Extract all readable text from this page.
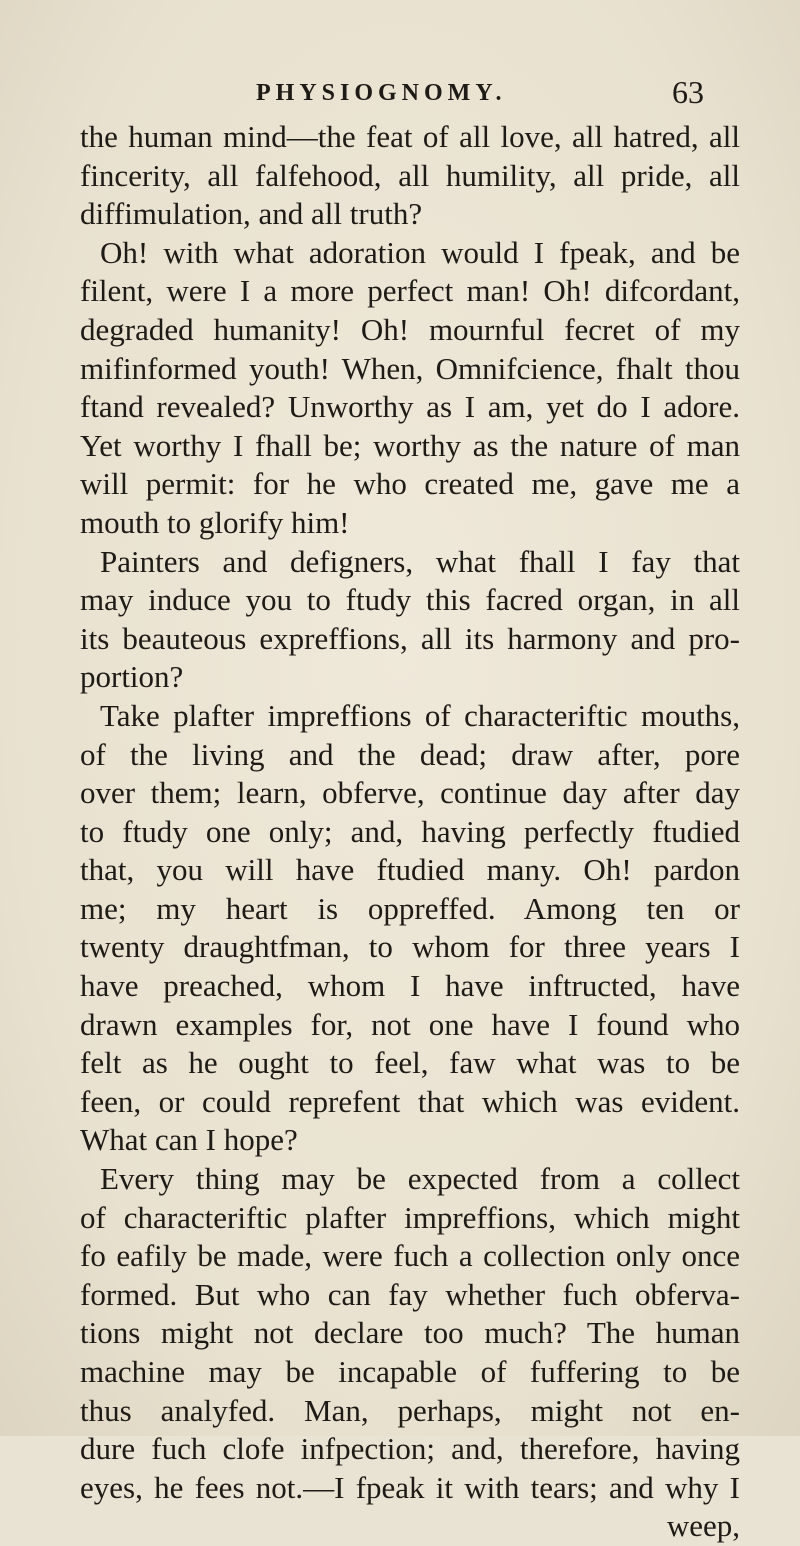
PHYSIOGNOMY.	63
the human mind—the feat of all love, all hatred, all
fincerity, all falfehood, all humility, all pride, all
diffimulation, and all truth?
Oh! with what adoration would I fpeak, and be
filent, were I a more perfect man! Oh! difcordant,
degraded humanity! Oh! mournful fecret of my
mifinformed youth! When, Omnifcience, fhalt thou
ftand revealed? Unworthy as I am, yet do I adore.
Yet worthy I fhall be; worthy as the nature of man
will permit: for he who created me, gave me a
mouth to glorify him!
Painters and defigners, what fhall I fay that
may induce you to ftudy this facred organ, in all
its beauteous expreffions, all its harmony and pro-
portion?
Take plafter impreffions of characteriftic mouths,
of the living and the dead; draw after, pore
over them; learn, obferve, continue day after day
to ftudy one only; and, having perfectly ftudied
that, you will have ftudied many. Oh! pardon
me; my heart is oppreffed. Among ten or
twenty draughtfman, to whom for three years I
have preached, whom I have inftructed, have
drawn examples for, not one have I found who
felt as he ought to feel, faw what was to be
feen, or could reprefent that which was evident.
What can I hope?
Every thing may be expected from a collect
of characteriftic plafter impreffions, which might
fo eafily be made, were fuch a collection only once
formed. But who can fay whether fuch obferva-
tions might not declare too much? The human
machine may be incapable of fuffering to be
thus analyfed. Man, perhaps, might not en-
dure fuch clofe infpection; and, therefore, having
eyes, he fees not.—I fpeak it with tears; and why I
weep,
